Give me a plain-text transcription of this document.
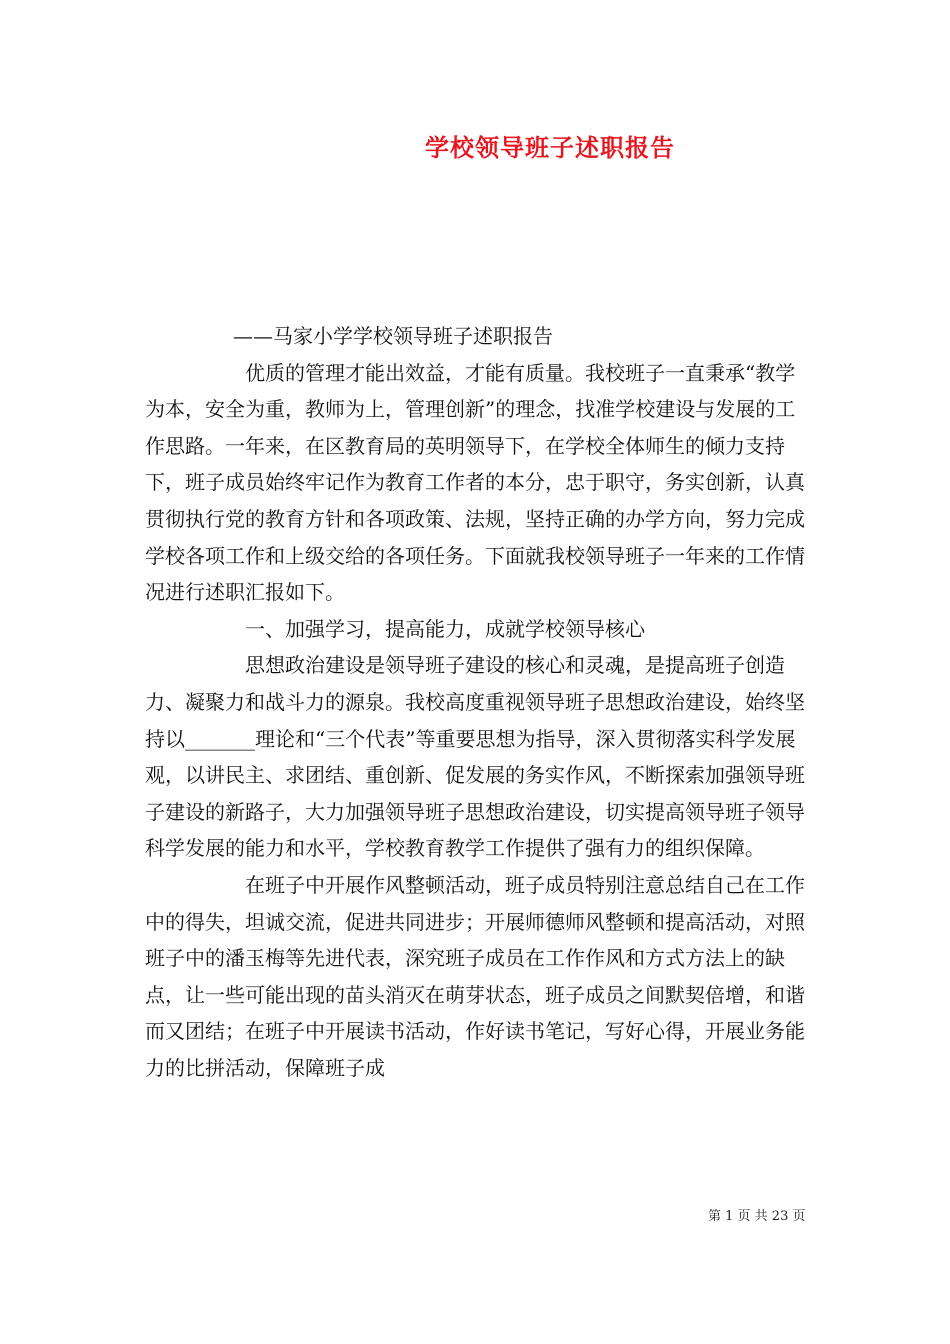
学校领导班子述职报告

——马家小学学校领导班子述职报告

优质的管理才能出效益，才能有质量。我校班子一直秉承“教学为本，安全为重，教师为上，管理创新”的理念，找准学校建设与发展的工作思路。一年来，在区教育局的英明领导下，在学校全体师生的倾力支持下，班子成员始终牢记作为教育工作者的本分，忠于职守，务实创新，认真贯彻执行党的教育方针和各项政策、法规，坚持正确的办学方向，努力完成学校各项工作和上级交给的各项任务。下面就我校领导班子一年来的工作情况进行述职汇报如下。

一、加强学习，提高能力，成就学校领导核心

思想政治建设是领导班子建设的核心和灵魂，是提高班子创造力、凝聚力和战斗力的源泉。我校高度重视领导班子思想政治建设，始终坚持以_______理论和“三个代表”等重要思想为指导，深入贯彻落实科学发展观，以讲民主、求团结、重创新、促发展的务实作风，不断探索加强领导班子建设的新路子，大力加强领导班子思想政治建设，切实提高领导班子领导科学发展的能力和水平，学校教育教学工作提供了强有力的组织保障。

在班子中开展作风整顿活动，班子成员特别注意总结自己在工作中的得失，坦诚交流，促进共同进步；开展师德师风整顿和提高活动，对照班子中的潘玉梅等先进代表，深究班子成员在工作作风和方式方法上的缺点，让一些可能出现的苗头消灭在萌芽状态，班子成员之间默契倍增，和谐而又团结；在班子中开展读书活动，作好读书笔记，写好心得，开展业务能力的比拼活动，保障班子成

第 1 页 共 23 页
